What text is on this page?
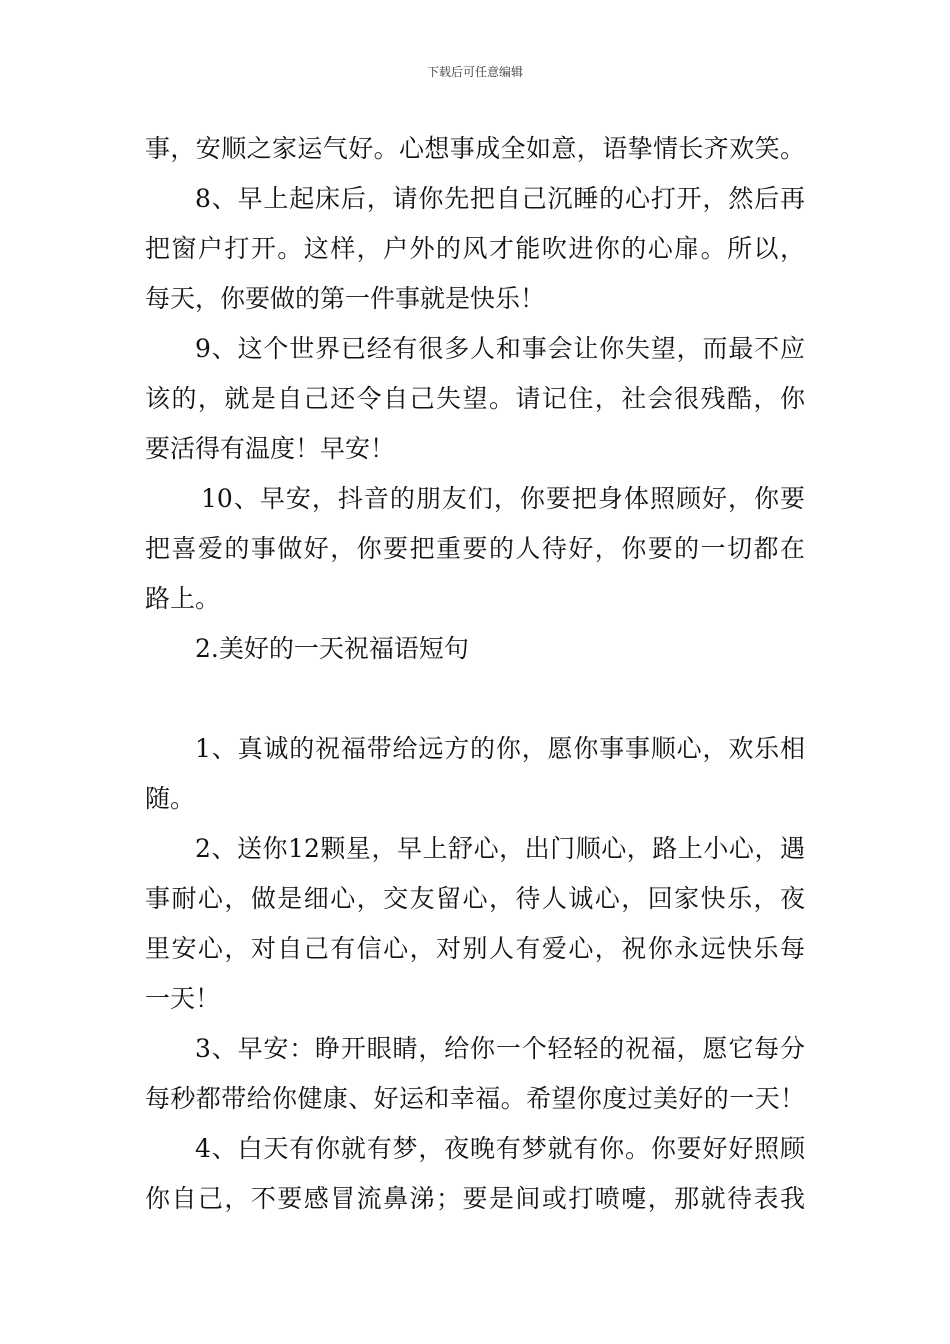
下载后可任意编辑
事，安顺之家运气好。心想事成全如意，语挚情长齐欢笑。
8、早上起床后，请你先把自己沉睡的心打开，然后再
把窗户打开。这样，户外的风才能吹进你的心扉。所以，
每天，你要做的第一件事就是快乐！
9、这个世界已经有很多人和事会让你失望，而最不应
该的，就是自己还令自己失望。请记住，社会很残酷，你
要活得有温度！早安！
10、早安，抖音的朋友们，你要把身体照顾好，你要
把喜爱的事做好，你要把重要的人待好，你要的一切都在
路上。
2.美好的一天祝福语短句
1、真诚的祝福带给远方的你，愿你事事顺心，欢乐相
随。
2、送你12颗星，早上舒心，出门顺心，路上小心，遇
事耐心，做是细心，交友留心，待人诚心，回家快乐，夜
里安心，对自己有信心，对别人有爱心，祝你永远快乐每
一天！
3、早安：睁开眼睛，给你一个轻轻的祝福，愿它每分
每秒都带给你健康、好运和幸福。希望你度过美好的一天！
4、白天有你就有梦，夜晚有梦就有你。你要好好照顾
你自己，不要感冒流鼻涕；要是间或打喷嚏，那就待表我
